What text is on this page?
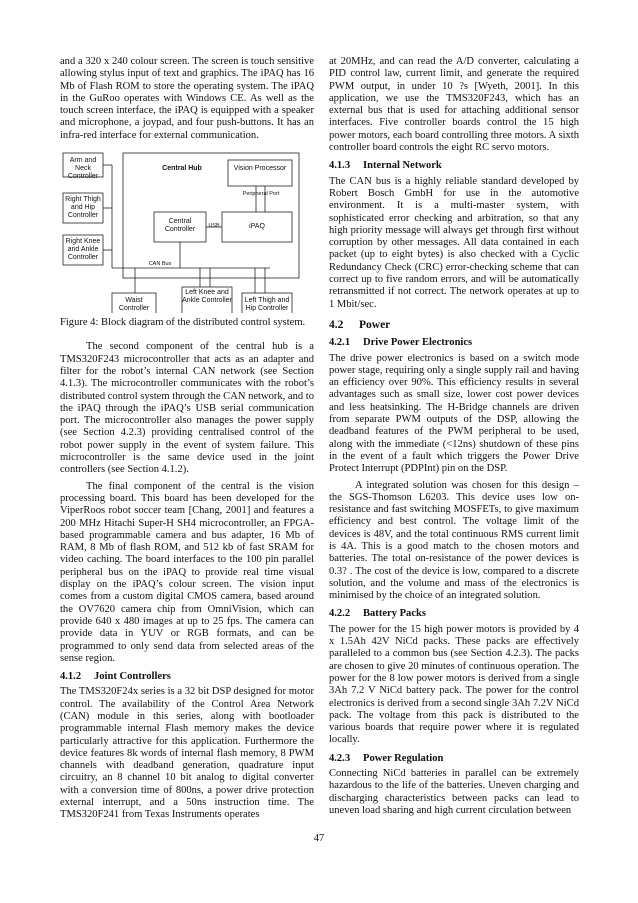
and a 320 x 240 colour screen. The screen is touch sensitive allowing stylus input of text and graphics. The iPAQ has 16 Mb of Flash ROM to store the operating system. The iPAQ in the GuRoo operates with Windows CE. As well as the touch screen interface, the iPAQ is equipped with a speaker and microphone, a joypad, and four push-buttons. It has an infra-red interface for external communication.

Arm and Neck Controller
Right Thigh and Hip Controller
Right Knee and Ankle Controller
Central Hub	Vision Processor
Peripheral Port
Central Controller
USB	iPAQ
CAN Bus
Waist Controller
Left Knee and Ankle Controller	Left Thigh and Hip Controller

Figure 4: Block diagram of the distributed control system.

The second component of the central hub is a TMS320F243 microcontroller that acts as an adapter and filter for the robot’s internal CAN network (see Section 4.1.3). The microcontroller communicates with the robot’s distributed control system through the CAN network, and to the iPAQ through the iPAQ’s USB serial communication port. The microcontroller also manages the power supply (see Section 4.2.3) providing centralised control of the robot power supply in the event of system failure. This microcontroller is the same device used in the joint controllers (see Section 4.1.2).

The final component of the central is the vision processing board. This board has been developed for the ViperRoos robot soccer team [Chang, 2001] and features a 200 MHz Hitachi Super-H SH4 microcontroller, an FPGA-based programmable camera and bus adapter, 16 Mb of RAM, 8 Mb of flash ROM, and 512 kb of fast SRAM for video caching. The board interfaces to the 100 pin parallel peripheral bus on the iPAQ to provide real time visual display on the iPAQ’s colour screen. The vision input comes from a custom digital CMOS camera, based around the OV7620 camera chip from OmniVision, which can provide 640 x 480 images at up to 25 fps. The camera can provide data in YUV or RGB formats, and can be programmed to only send data from selected areas of the sense region.

4.1.2 Joint Controllers

The TMS320F24x series is a 32 bit DSP designed for motor control. The availability of the Control Area Network (CAN) module in this series, along with bootloader programmable internal Flash memory makes the device particularly attractive for this application. Furthermore the device features 8k words of internal flash memory, 8 PWM channels with deadband generation, quadrature input circuitry, an 8 channel 10 bit analog to digital converter with a conversion time of 800ns, a power drive protection external interrupt, and a 50ns instruction time. The TMS320F241 from Texas Instruments operates

at 20MHz, and can read the A/D converter, calculating a PID control law, current limit, and generate the required PWM output, in under 10 ?s [Wyeth, 2001]. In this application, we use the TMS320F243, which has an external bus that is used for attaching additional sensor interfaces. Five controller boards control the 15 high power motors, each board controlling three motors. A sixth controller board controls the eight RC servo motors.

4.1.3 Internal Network

The CAN bus is a highly reliable standard developed by Robert Bosch GmbH for use in the automotive environment. It is a multi-master system, with sophisticated error checking and arbitration, so that any high priority message will always get through first without corruption by other messages. All data contained in each packet (up to eight bytes) is also checked with a Cyclic Redundancy Check (CRC) error-checking scheme that can correct up to five random errors, and will be automatically retransmitted if not correct. The network operates at up to 1 Mbit/sec.

4.2 Power
4.2.1 Drive Power Electronics

The drive power electronics is based on a switch mode power stage, requiring only a single supply rail and having an efficiency over 90%. This efficiency results in several advantages such as small size, lower cost power devices and less heatsinking. The H-Bridge channels are driven from separate PWM outputs of the DSP, allowing the deadband features of the PWM peripheral to be used, along with the immediate (<12ns) shutdown of these pins in the event of a fault which triggers the Power Drive Protect Interrupt (PDPInt) pin on the DSP.

A integrated solution was chosen for this design – the SGS-Thomson L6203. This device uses low on-resistance and fast switching MOSFETs, to give maximum efficiency and best control. The voltage limit of the devices is 48V, and the total continuous RMS current limit is 4A. This is a good match to the chosen motors and batteries. The total on-resistance of the power devices is 0.3? . The cost of the device is low, compared to a discrete solution, and the volume and mass of the electronics is minimised by the choice of an integrated solution.

4.2.2 Battery Packs

The power for the 15 high power motors is provided by 4 x 1.5Ah 42V NiCd packs. These packs are effectively paralleled to a common bus (see Section 4.2.3). The packs are chosen to give 20 minutes of continuous operation. The power for the 8 low power motors is derived from a single 3Ah 7.2 V NiCd battery pack. The power for the control electronics is derived from a second single 3Ah 7.2V NiCd pack. The voltage from this pack is distributed to the various boards that require power where it is regulated locally.

4.2.3 Power Regulation

Connecting NiCd batteries in parallel can be extremely hazardous to the life of the batteries. Uneven charging and discharging characteristics between packs can lead to uneven load sharing and high current circulation between

47
